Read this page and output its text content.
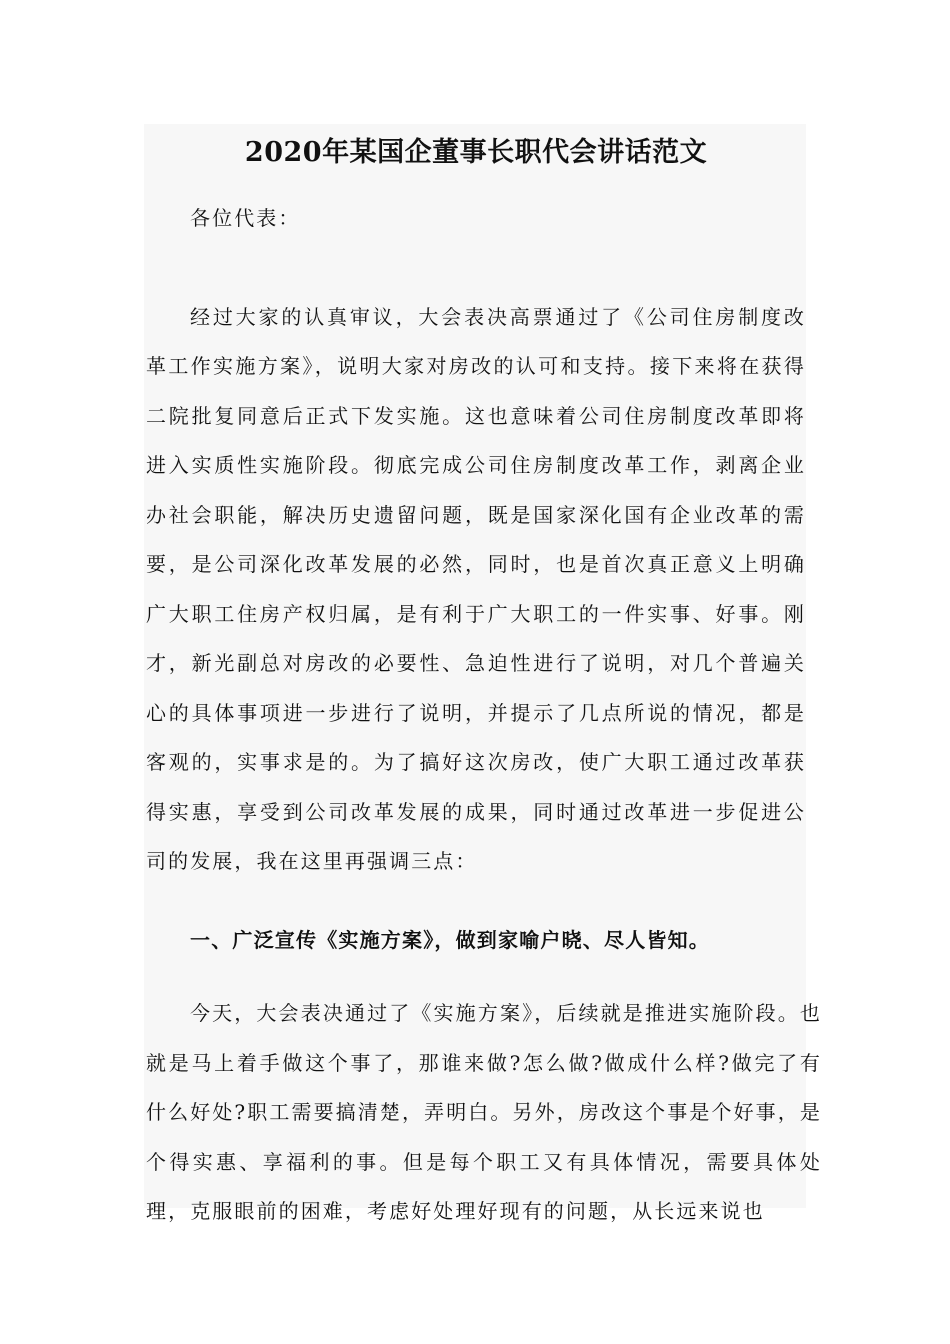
2020年某国企董事长职代会讲话范文

各位代表：

经过大家的认真审议，大会表决高票通过了《公司住房制度改革工作实施方案》，说明大家对房改的认可和支持。接下来将在获得二院批复同意后正式下发实施。这也意味着公司住房制度改革即将进入实质性实施阶段。彻底完成公司住房制度改革工作，剥离企业办社会职能，解决历史遗留问题，既是国家深化国有企业改革的需要，是公司深化改革发展的必然，同时，也是首次真正意义上明确广大职工住房产权归属，是有利于广大职工的一件实事、好事。刚才，新光副总对房改的必要性、急迫性进行了说明，对几个普遍关心的具体事项进一步进行了说明，并提示了几点所说的情况，都是客观的，实事求是的。为了搞好这次房改，使广大职工通过改革获得实惠，享受到公司改革发展的成果，同时通过改革进一步促进公司的发展，我在这里再强调三点：

一、广泛宣传《实施方案》，做到家喻户晓、尽人皆知。

今天，大会表决通过了《实施方案》，后续就是推进实施阶段。也就是马上着手做这个事了，那谁来做?怎么做?做成什么样?做完了有什么好处?职工需要搞清楚，弄明白。另外，房改这个事是个好事，是个得实惠、享福利的事。但是每个职工又有具体情况，需要具体处理，克服眼前的困难，考虑好处理好现有的问题，从长远来说也
